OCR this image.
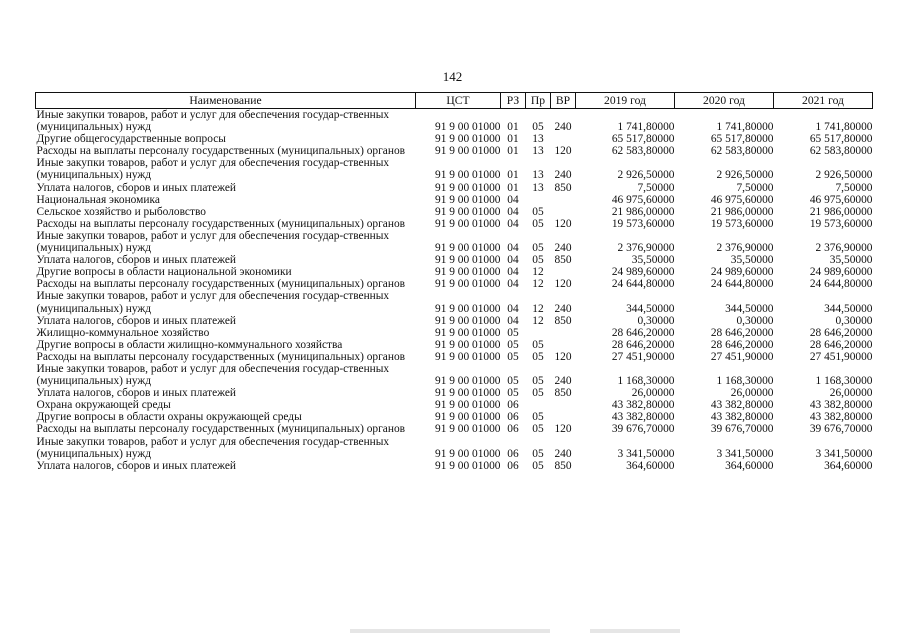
142
Наименование	ЦСТ	РЗ	Пр	ВР	2019 год	2020 год	2021 год
Иные закупки товаров, работ и услуг для обеспечения государ-ственных (муниципальных) нужд	91 9 00 01000	01	05	240	1 741,80000	1 741,80000	1 741,80000
Другие общегосударственные вопросы	91 9 00 01000	01	13		65 517,80000	65 517,80000	65 517,80000
Расходы на выплаты персоналу государственных (муниципальных) органов	91 9 00 01000	01	13	120	62 583,80000	62 583,80000	62 583,80000
Иные закупки товаров, работ и услуг для обеспечения государ-ственных (муниципальных) нужд	91 9 00 01000	01	13	240	2 926,50000	2 926,50000	2 926,50000
Уплата налогов, сборов и иных платежей	91 9 00 01000	01	13	850	7,50000	7,50000	7,50000
Национальная экономика	91 9 00 01000	04			46 975,60000	46 975,60000	46 975,60000
Сельское хозяйство и рыболовство	91 9 00 01000	04	05		21 986,00000	21 986,00000	21 986,00000
Расходы на выплаты персоналу государственных (муниципальных) органов	91 9 00 01000	04	05	120	19 573,60000	19 573,60000	19 573,60000
Иные закупки товаров, работ и услуг для обеспечения государ-ственных (муниципальных) нужд	91 9 00 01000	04	05	240	2 376,90000	2 376,90000	2 376,90000
Уплата налогов, сборов и иных платежей	91 9 00 01000	04	05	850	35,50000	35,50000	35,50000
Другие вопросы в области национальной экономики	91 9 00 01000	04	12		24 989,60000	24 989,60000	24 989,60000
Расходы на выплаты персоналу государственных (муниципальных) органов	91 9 00 01000	04	12	120	24 644,80000	24 644,80000	24 644,80000
Иные закупки товаров, работ и услуг для обеспечения государ-ственных (муниципальных) нужд	91 9 00 01000	04	12	240	344,50000	344,50000	344,50000
Уплата налогов, сборов и иных платежей	91 9 00 01000	04	12	850	0,30000	0,30000	0,30000
Жилищно-коммунальное хозяйство	91 9 00 01000	05			28 646,20000	28 646,20000	28 646,20000
Другие вопросы в области жилищно-коммунального хозяйства	91 9 00 01000	05	05		28 646,20000	28 646,20000	28 646,20000
Расходы на выплаты персоналу государственных (муниципальных) органов	91 9 00 01000	05	05	120	27 451,90000	27 451,90000	27 451,90000
Иные закупки товаров, работ и услуг для обеспечения государ-ственных (муниципальных) нужд	91 9 00 01000	05	05	240	1 168,30000	1 168,30000	1 168,30000
Уплата налогов, сборов и иных платежей	91 9 00 01000	05	05	850	26,00000	26,00000	26,00000
Охрана окружающей среды	91 9 00 01000	06			43 382,80000	43 382,80000	43 382,80000
Другие вопросы в области охраны окружающей среды	91 9 00 01000	06	05		43 382,80000	43 382,80000	43 382,80000
Расходы на выплаты персоналу государственных (муниципальных) органов	91 9 00 01000	06	05	120	39 676,70000	39 676,70000	39 676,70000
Иные закупки товаров, работ и услуг для обеспечения государ-ственных (муниципальных) нужд	91 9 00 01000	06	05	240	3 341,50000	3 341,50000	3 341,50000
Уплата налогов, сборов и иных платежей	91 9 00 01000	06	05	850	364,60000	364,60000	364,60000
